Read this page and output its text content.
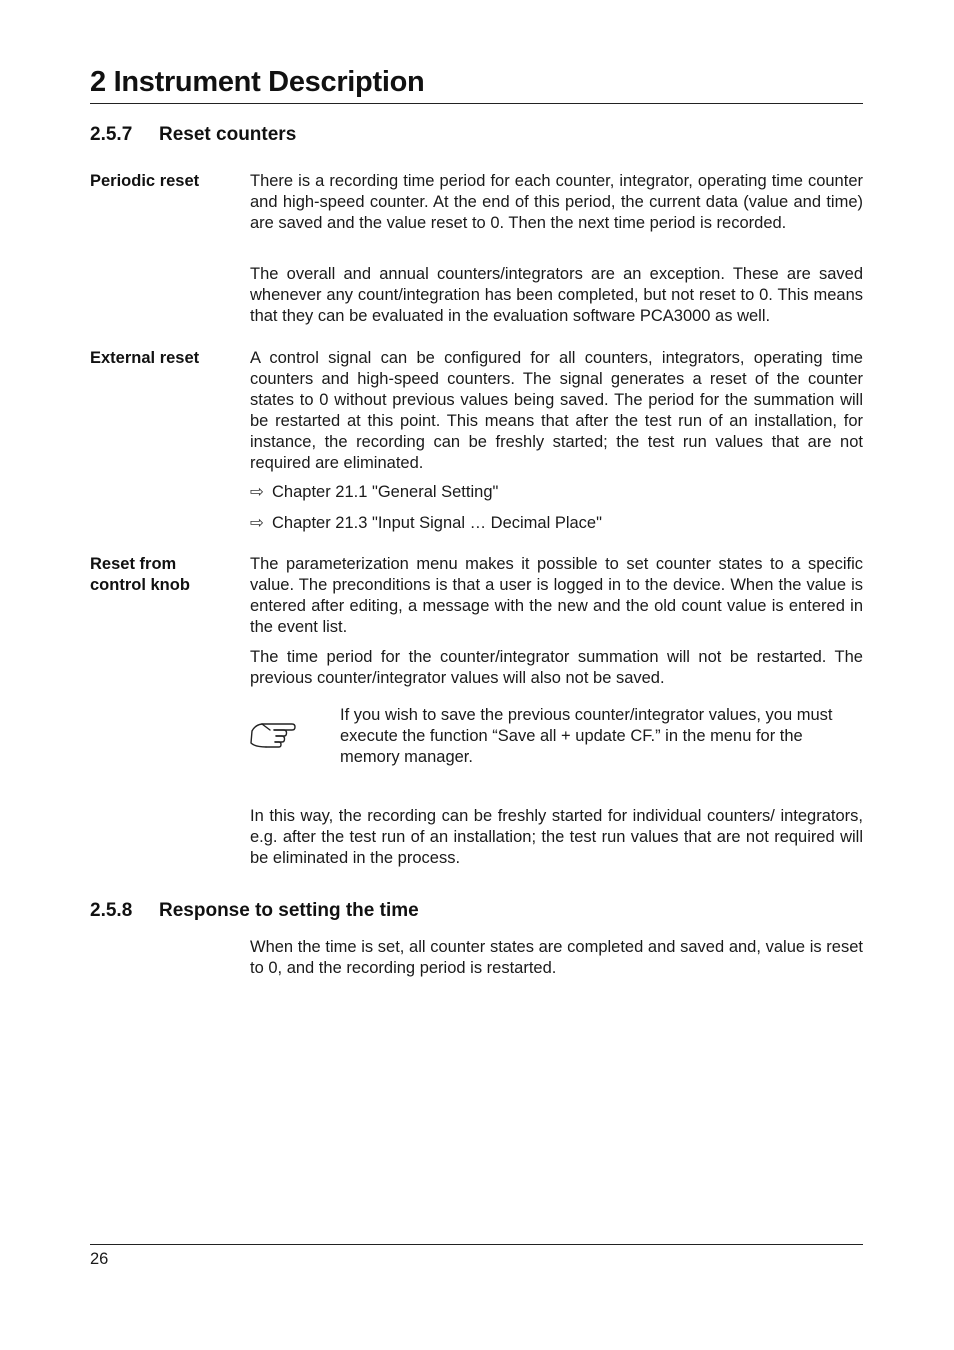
2 Instrument Description
2.5.7 Reset counters
Periodic reset	There is a recording time period for each counter, integrator, operating time counter and high-speed counter. At the end of this period, the current data (value and time) are saved and the value reset to 0. Then the next time period is recorded.

The overall and annual counters/integrators are an exception. These are saved whenever any count/integration has been completed, but not reset to 0. This means that they can be evaluated in the evaluation software PCA3000 as well.

External reset	A control signal can be configured for all counters, integrators, operating time counters and high-speed counters. The signal generates a reset of the counter states to 0 without previous values being saved. The period for the summation will be restarted at this point. This means that after the test run of an installation, for instance, the recording can be freshly started; the test run values that are not required are eliminated.

⇨ Chapter 21.1 "General Setting"
⇨ Chapter 21.3 "Input Signal … Decimal Place"
Reset from
control knob

The parameterization menu makes it possible to set counter states to a specific value. The preconditions is that a user is logged in to the device. When the value is entered after editing, a message with the new and the old count value is entered in the event list.

The time period for the counter/integrator summation will not be restarted. The previous counter/integrator values will also not be saved.

If you wish to save the previous counter/integrator values, you must execute the function “Save all + update CF.” in the menu for the memory manager.

In this way, the recording can be freshly started for individual counters/ integrators, e.g. after the test run of an installation; the test run values that are not required will be eliminated in the process.

2.5.8 Response to setting the time

When the time is set, all counter states are completed and saved and, value is reset to 0, and the recording period is restarted.

26
